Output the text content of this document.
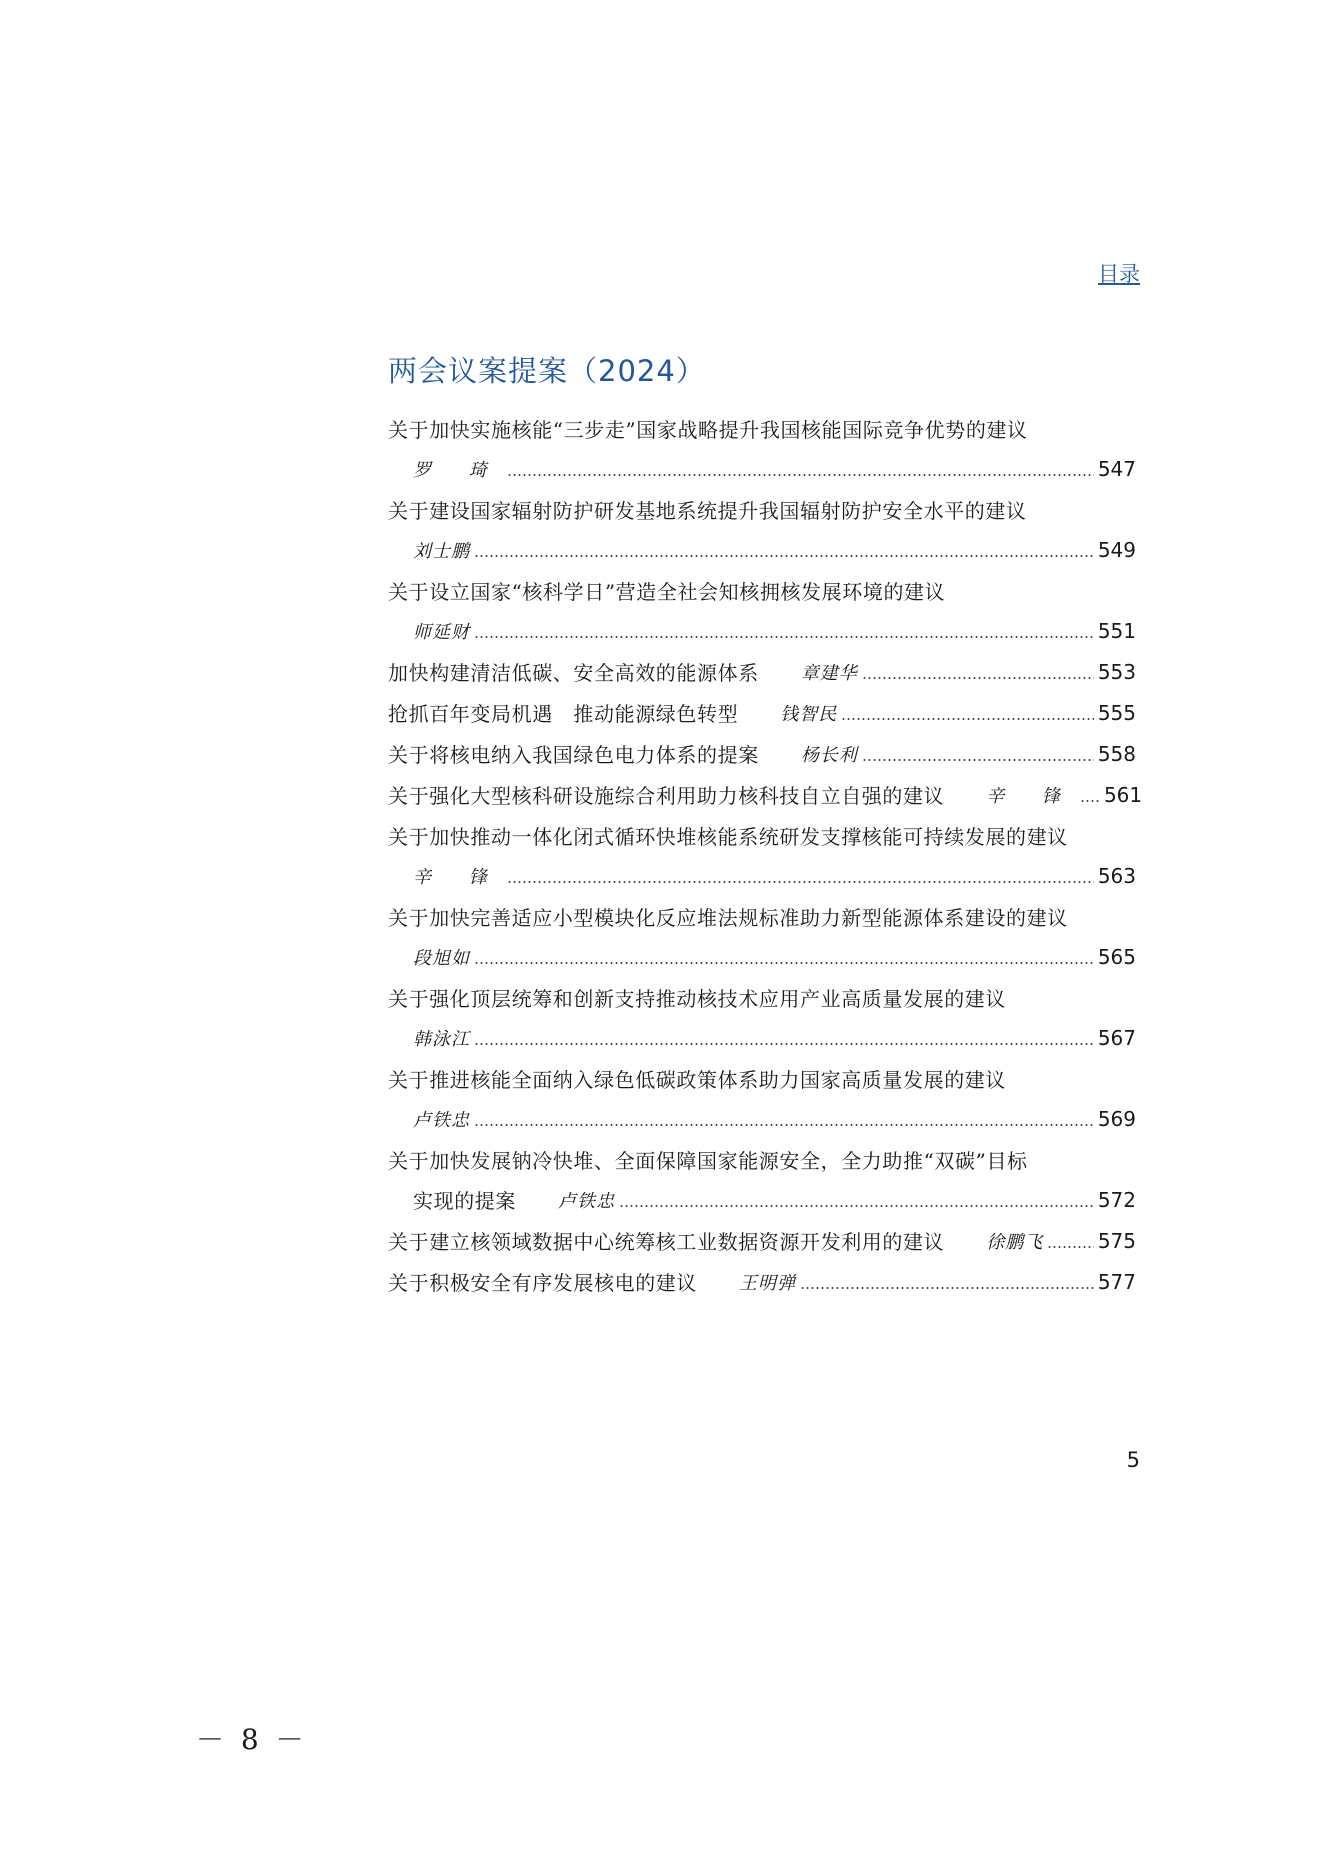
目录
两会议案提案（2024）
关于加快实施核能“三步走”国家战略提升我国核能国际竞争优势的建议
罗 琦	547
关于建设国家辐射防护研发基地系统提升我国辐射防护安全水平的建议
刘士鹏	549
关于设立国家“核科学日”营造全社会知核拥核发展环境的建议
师延财	551
加快构建清洁低碳、安全高效的能源体系 章建华	553
抢抓百年变局机遇　推动能源绿色转型 钱智民	555
关于将核电纳入我国绿色电力体系的提案 杨长利	558
关于强化大型核科研设施综合利用助力核科技自立自强的建议 辛 锋 561
关于加快推动一体化闭式循环快堆核能系统研发支撑核能可持续发展的建议
辛 锋	563
关于加快完善适应小型模块化反应堆法规标准助力新型能源体系建设的建议
段旭如	565
关于强化顶层统筹和创新支持推动核技术应用产业高质量发展的建议
韩泳江	567
关于推进核能全面纳入绿色低碳政策体系助力国家高质量发展的建议
卢铁忠	569
关于加快发展钠冷快堆、全面保障国家能源安全，全力助推“双碳”目标
实现的提案 卢铁忠	572
关于建立核领域数据中心统筹核工业数据资源开发利用的建议 徐鹏飞	575
关于积极安全有序发展核电的建议 王明弹	577
5
－ 8 －
